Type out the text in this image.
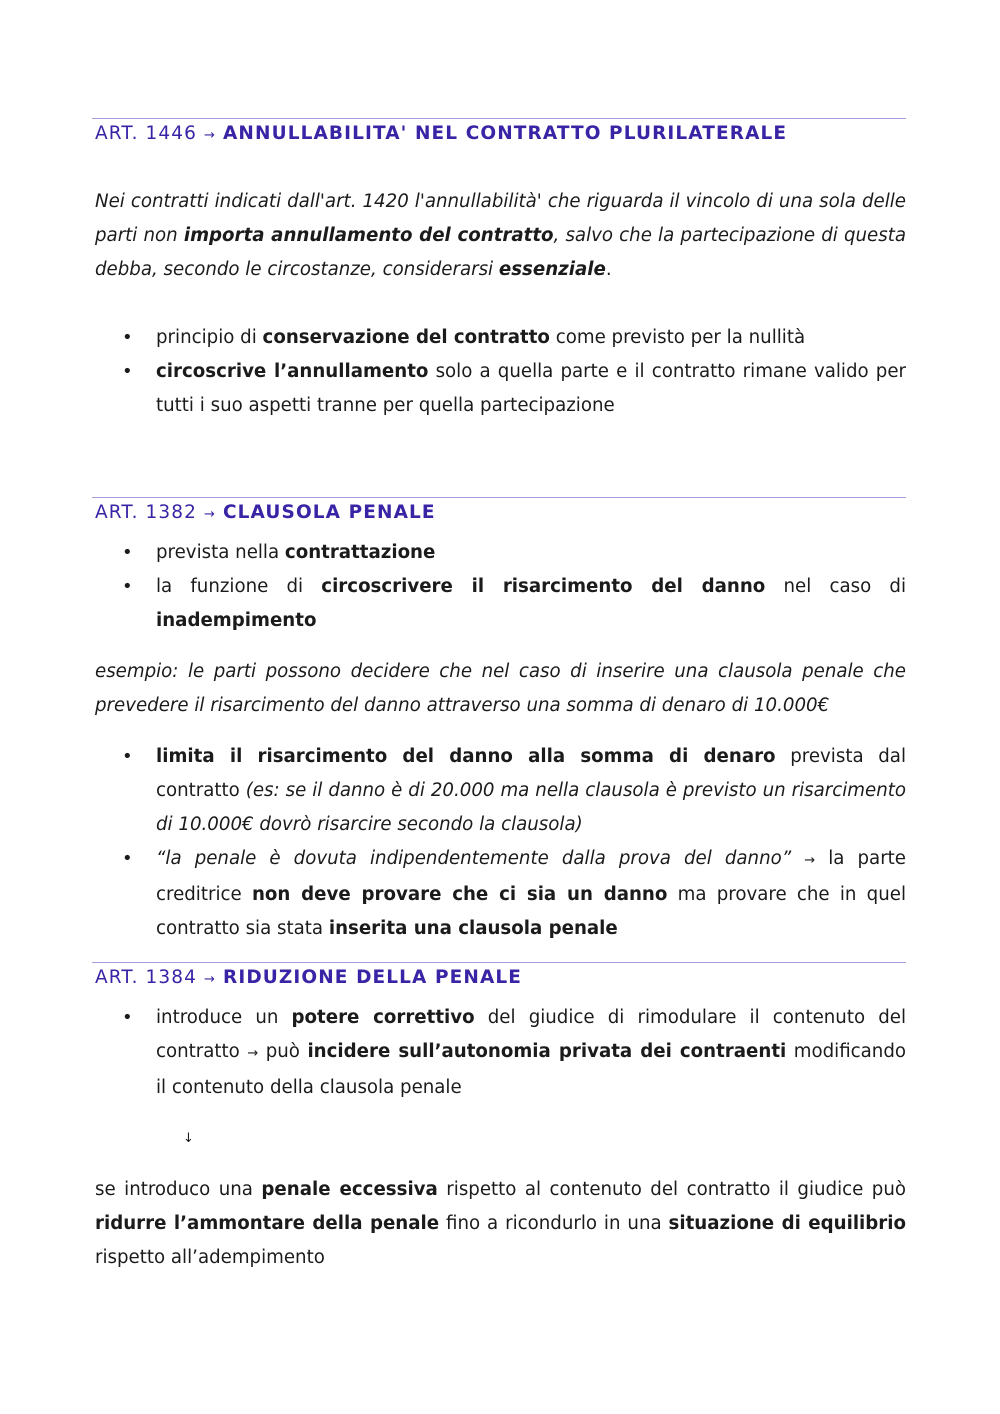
ART. 1446 → ANNULLABILITA' NEL CONTRATTO PLURILATERALE

Nei contratti indicati dall'art. 1420 l'annullabilità' che riguarda il vincolo di una sola delle parti non importa annullamento del contratto, salvo che la partecipazione di questa debba, secondo le circostanze, considerarsi essenziale.

• principio di conservazione del contratto come previsto per la nullità
• circoscrive l’annullamento solo a quella parte e il contratto rimane valido per tutti i suo aspetti tranne per quella partecipazione
ART. 1382 → CLAUSOLA PENALE
• prevista nella contrattazione
• la funzione di circoscrivere il risarcimento del danno nel caso di inadempimento

esempio: le parti possono decidere che nel caso di inserire una clausola penale che prevedere il risarcimento del danno attraverso una somma di denaro di 10.000€

• limita il risarcimento del danno alla somma di denaro prevista dal contratto (es: se il danno è di 20.000 ma nella clausola è previsto un risarcimento di 10.000€ dovrò risarcire secondo la clausola)
• “la penale è dovuta indipendentemente dalla prova del danno” → la parte creditrice non deve provare che ci sia un danno ma provare che in quel contratto sia stata inserita una clausola penale
ART. 1384 → RIDUZIONE DELLA PENALE
• introduce un potere correttivo del giudice di rimodulare il contenuto del contratto → può incidere sull’autonomia privata dei contraenti modificando il contenuto della clausola penale
↓

se introduco una penale eccessiva rispetto al contenuto del contratto il giudice può ridurre l’ammontare della penale fino a ricondurlo in una situazione di equilibrio rispetto all’adempimento
